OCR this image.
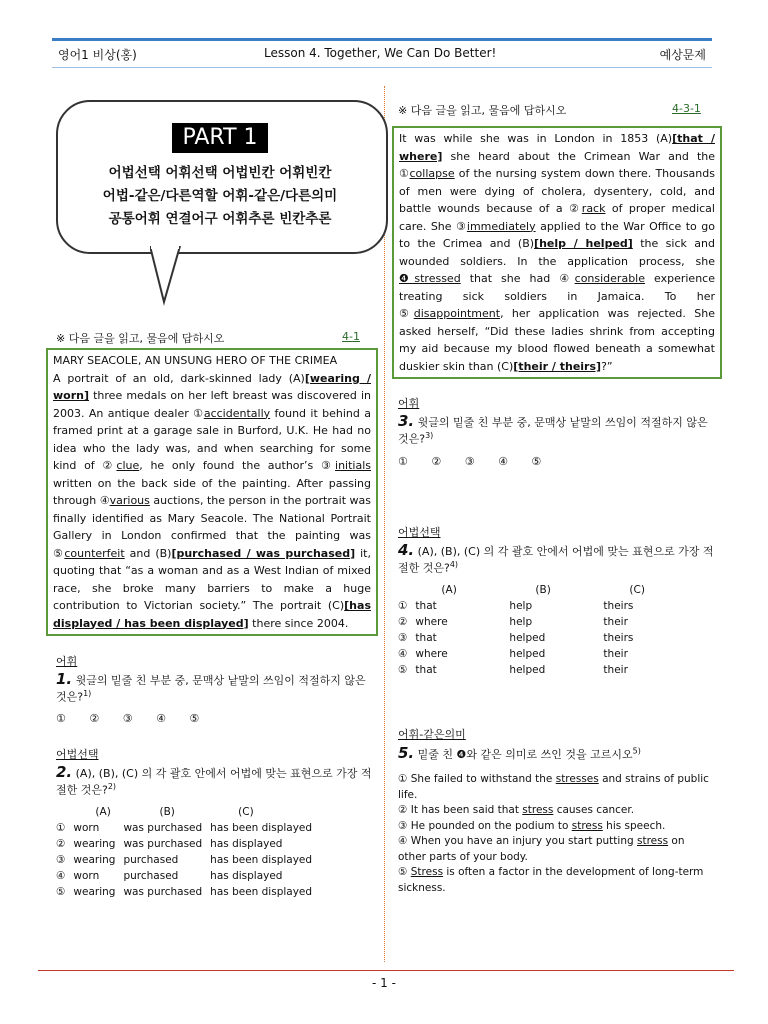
영어1 비상(홍)	Lesson 4. Together, We Can Do Better!	예상문제
PART 1
어법선택 어휘선택 어법빈칸 어휘빈칸
어법-같은/다른역할 어휘-같은/다른의미
공통어휘 연결어구 어휘추론 빈칸추론
※ 다음 글을 읽고, 물음에 답하시오	4-1
MARY SEACOLE, AN UNSUNG HERO OF THE CRIMEA
A portrait of an old, dark-skinned lady (A)[wearing / worn] three medals on her left breast was discovered in 2003. An antique dealer ①accidentally found it behind a framed print at a garage sale in Burford, U.K. He had no idea who the lady was, and when searching for some kind of ②clue, he only found the author’s ③initials written on the back side of the painting. After passing through ④various auctions, the person in the portrait was finally identified as Mary Seacole. The National Portrait Gallery in London confirmed that the painting was ⑤counterfeit and (B)[purchased / was purchased] it, quoting that “as a woman and as a West Indian of mixed race, she broke many barriers to make a huge contribution to Victorian society.” The portrait (C)[has displayed / has been displayed] there since 2004.
어휘
1. 윗글의 밑줄 친 부분 중, 문맥상 낱말의 쓰임이 적절하지 않은 것은?$^{1)}$
① ② ③ ④ ⑤
어법선택
2. (A), (B), (C) 의 각 괄호 안에서 어법에 맞는 표현으로 가장 적절한 것은?$^{2)}$
	(A)	(B)	(C)
①	worn	was purchased	has been displayed
②	wearing	was purchased	has displayed
③	wearing	purchased	has been displayed
④	worn	purchased	has displayed
⑤	wearing	was purchased	has been displayed
※ 다음 글을 읽고, 물음에 답하시오	4-3-1
It was while she was in London in 1853 (A)[that / where] she heard about the Crimean War and the ①collapse of the nursing system down there. Thousands of men were dying of cholera, dysentery, cold, and battle wounds because of a ②rack of proper medical care. She ③immediately applied to the War Office to go to the Crimea and (B)[help / helped] the sick and wounded soldiers. In the application process, she ❹stressed that she had ④considerable experience treating sick soldiers in Jamaica. To her ⑤disappointment, her application was rejected. She asked herself, “Did these ladies shrink from accepting my aid because my blood flowed beneath a somewhat duskier skin than (C)[their / theirs]?”
어휘
3. 윗글의 밑줄 친 부분 중, 문맥상 낱말의 쓰임이 적절하지 않은 것은?$^{3)}$
① ② ③ ④ ⑤
어법선택
4. (A), (B), (C) 의 각 괄호 안에서 어법에 맞는 표현으로 가장 적절한 것은?$^{4)}$
	(A)	(B)	(C)
①	that	help	theirs
②	where	help	their
③	that	helped	theirs
④	where	helped	their
⑤	that	helped	their
어휘-같은의미
5. 밑줄 친 ❹와 같은 의미로 쓰인 것을 고르시오$^{5)}$
① She failed to withstand the stresses and strains of public life.
② It has been said that stress causes cancer.
③ He pounded on the podium to stress his speech.
④ When you have an injury you start putting stress on other parts of your body.
⑤ Stress is often a factor in the development of long-term sickness.
- 1 -
